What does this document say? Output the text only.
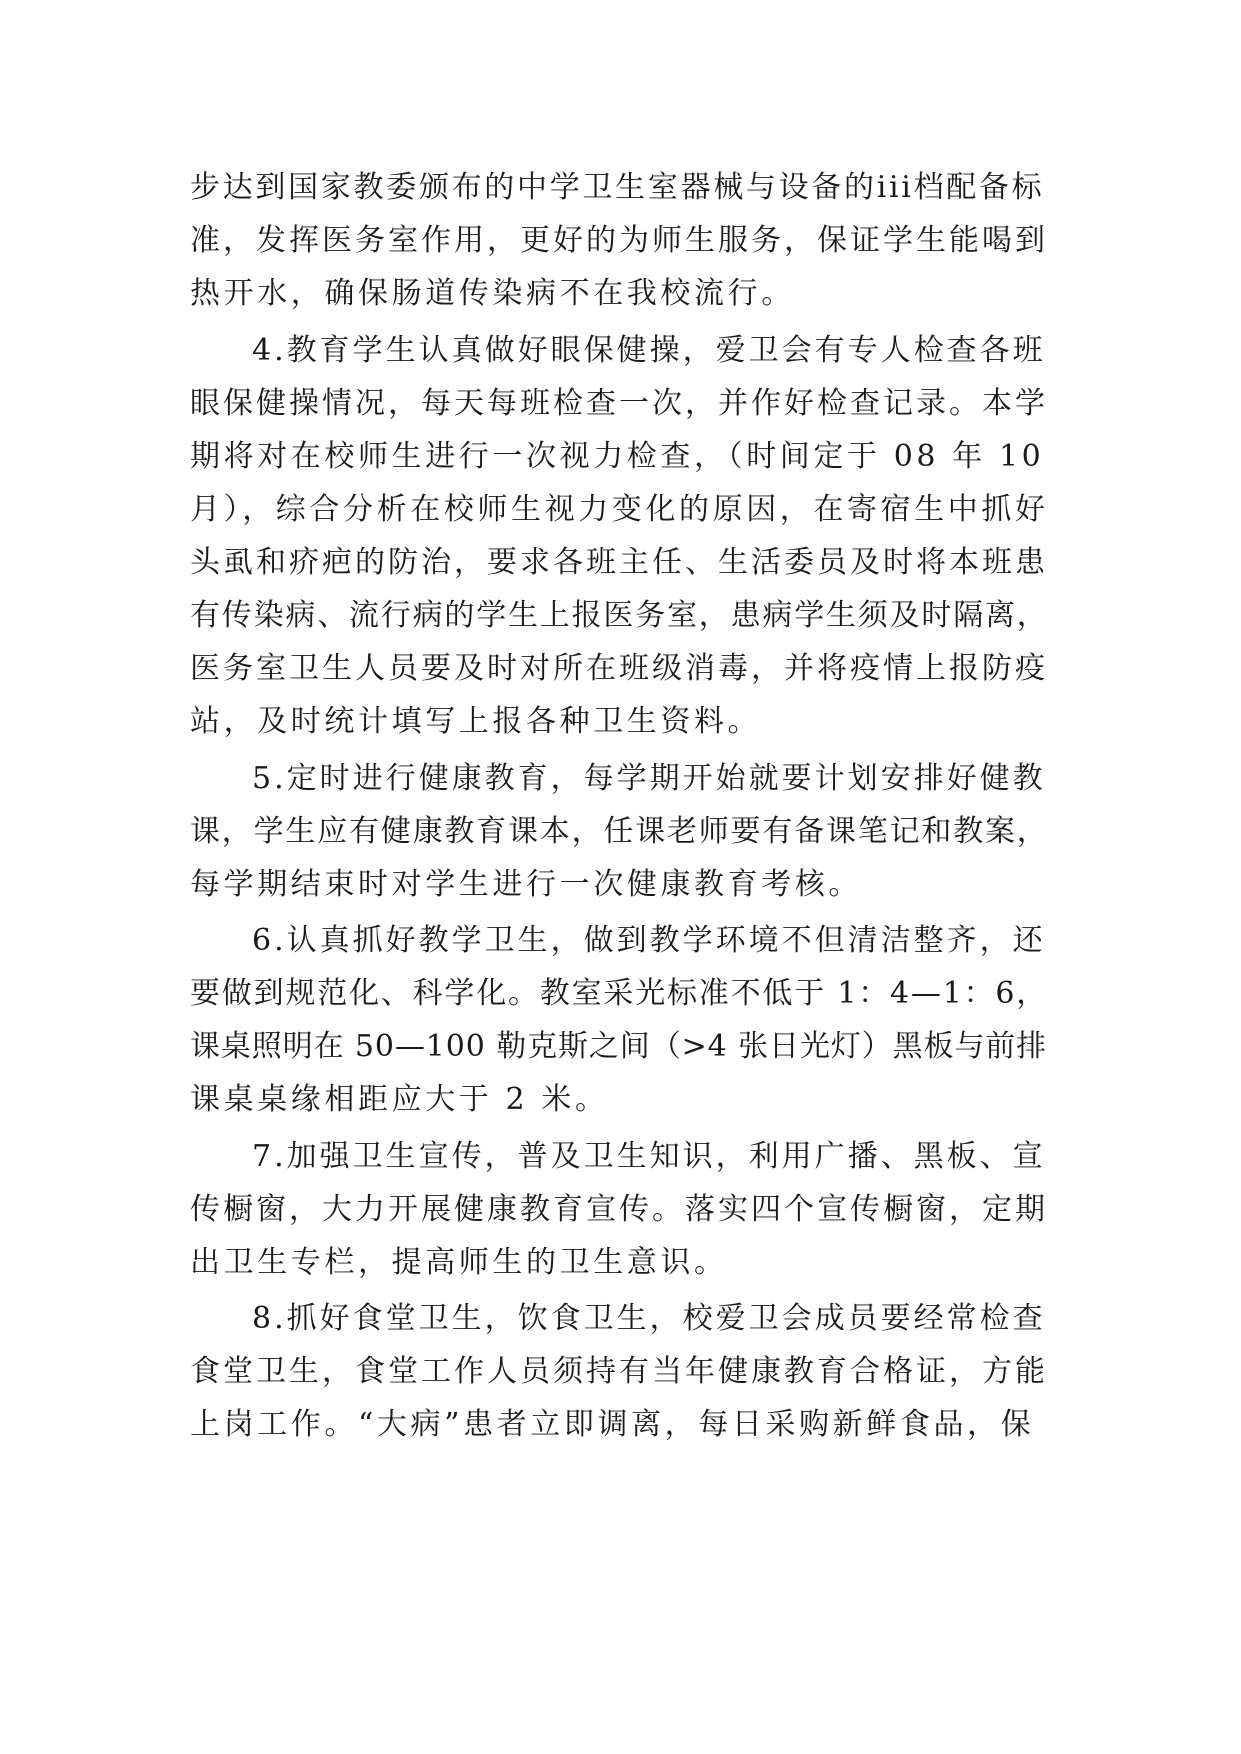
步达到国家教委颁布的中学卫生室器械与设备的iii档配备标
准，发挥医务室作用，更好的为师生服务，保证学生能喝到
热开水，确保肠道传染病不在我校流行。
4.教育学生认真做好眼保健操，爱卫会有专人检查各班
眼保健操情况，每天每班检查一次，并作好检查记录。本学
期将对在校师生进行一次视力检查，（时间定于 08 年 10
月），综合分析在校师生视力变化的原因，在寄宿生中抓好
头虱和疥疤的防治，要求各班主任、生活委员及时将本班患
有传染病、流行病的学生上报医务室，患病学生须及时隔离，
医务室卫生人员要及时对所在班级消毒，并将疫情上报防疫
站，及时统计填写上报各种卫生资料。
5.定时进行健康教育，每学期开始就要计划安排好健教
课，学生应有健康教育课本，任课老师要有备课笔记和教案，
每学期结束时对学生进行一次健康教育考核。
6.认真抓好教学卫生，做到教学环境不但清洁整齐，还
要做到规范化、科学化。教室采光标准不低于 1：4—1：6，
课桌照明在 50—100 勒克斯之间（>4 张日光灯）黑板与前排
课桌桌缘相距应大于 2 米。
7.加强卫生宣传，普及卫生知识，利用广播、黑板、宣
传橱窗，大力开展健康教育宣传。落实四个宣传橱窗，定期
出卫生专栏，提高师生的卫生意识。
8.抓好食堂卫生，饮食卫生，校爱卫会成员要经常检查
食堂卫生，食堂工作人员须持有当年健康教育合格证，方能
上岗工作。“大病”患者立即调离，每日采购新鲜食品，保
